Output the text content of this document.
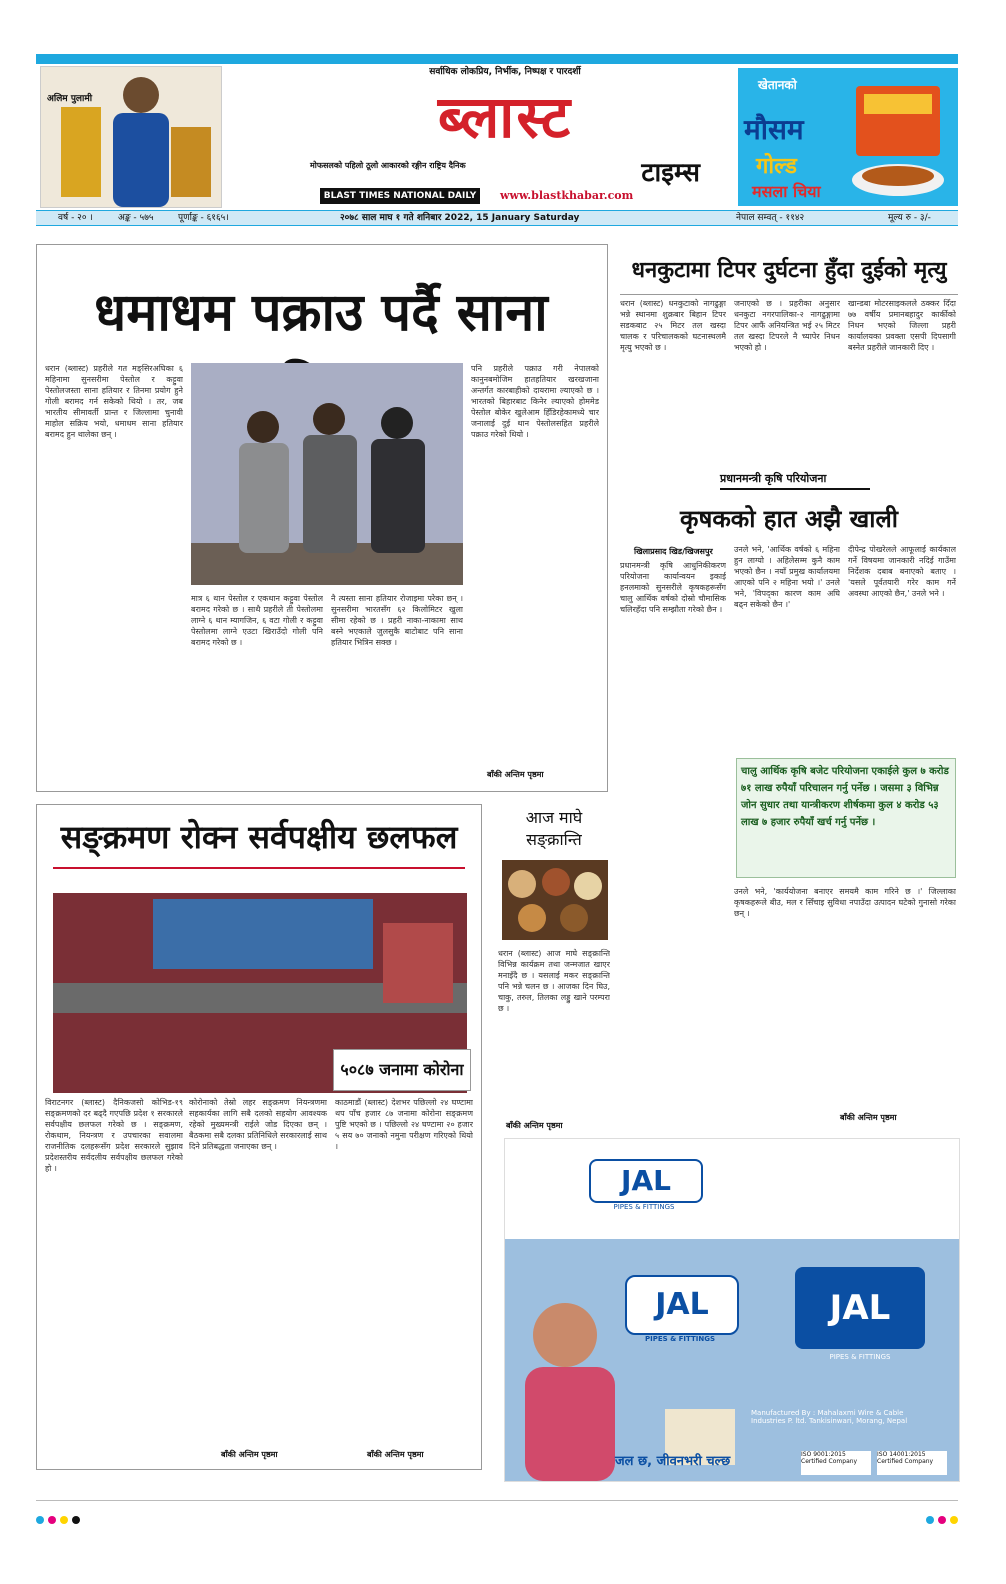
अलिम पुलामी
सर्वाधिक लोकप्रिय, निर्भीक, निष्पक्ष र पारदर्शी
ब्लास्ट
मोफसलको पहिलो ठूलो आकारको रङ्गीन राष्ट्रिय दैनिक	टाइम्स
BLAST TIMES NATIONAL DAILY	www.blastkhabar.com
खेतानको
मौसम
गोल्ड
मसला चिया
वर्ष - २० ।	अङ्क - ५७५	पूर्णाङ्क - ६१६५।	२०७८ साल माघ १ गते शनिबार 2022, 15 January Saturday	नेपाल सम्वत् - ११४२	मूल्य रु - ३/-
धमाधम पक्राउ पर्दै साना
धरान (ब्लास्ट) प्रहरीले गत मङ्सिरअघिका ६ महिनामा सुनसरीमा पेस्तोल र कट्टुवा पेस्तोलजस्ता साना हतियार र तिनमा प्रयोग हुने गोली बरामद गर्न सकेको थियो । तर, जब भारतीय सीमावर्ती प्रान्त र जिल्लामा चुनावी माहोल सक्रिय भयो, धमाधम साना हतियार बरामद हुन थालेका छन् ।
मात्र ६ थान पेस्तोल र एकथान कट्टुवा पेस्तोल बरामद गरेको छ । साथै प्रहरीले ती पेस्तोलमा लाग्ने ६ थान म्यागजिन, ६ वटा गोली र कट्टुवा पेस्तोलमा लाग्ने एउटा खिराउँदो गोली पनि बरामद गरेको छ ।
नै त्यस्ता साना हतियार रोजाइमा परेका छन् । सुनसरीमा भारतसँग ६२ किलोमिटर खुला सीमा रहेको छ । प्रहरी नाका-नाकामा साथ बस्ने भएकाले जुलसुकै बाटोबाट पनि साना हतियार भित्रिन सक्छ ।
पनि प्रहरीले पक्राउ गरी नेपालको कानुनबमोजिम हातहतियार खरखजाना अन्तर्गत कारबाहीको दायरामा ल्याएको छ । भारतको बिहारबाट किनेर ल्याएको होममेड पेस्तोल बोकेर खुलेआम हिँडिरहेकामध्ये चार जनालाई दुई थान पेस्तोलसहित प्रहरीले पक्राउ गरेको थियो ।
बाँकी अन्तिम पृष्ठमा
धनकुटामा टिपर दुर्घटना हुँदा दुईको मृत्यु
धरान (ब्लास्ट) धनकुटाको नागढुङ्गा भन्ने स्थानमा शुक्रबार बिहान टिपर सडकबाट २५ मिटर तल खस्दा चालक र परिचालकको घटनास्थलमै मृत्यु भएको छ ।
जनाएको छ । प्रहरीका अनुसार धनकुटा नगरपालिका-२ नागढुङ्गामा टिपर आफैं अनियन्त्रित भई २५ मिटर तल खस्दा टिपरले नै च्यापेर निधन भएको हो ।
खान्डबा मोटरसाइकलले ठक्कर दिँदा ७७ वर्षीय प्रमानबहादुर कार्कीको निधन भएको जिल्ला प्रहरी कार्यालयका प्रवक्ता एसपी दिपसागी बस्नेत प्रहरीले जानकारी दिए ।
प्रधानमन्त्री कृषि परियोजना
कृषकको हात अझै खाली
खिलाप्रसाद खिड/खिजसपुर
प्रधानमन्त्री कृषि आधुनिकीकरण परियोजना कार्यान्वयन इकाई हनलमाको सुनसरीले कृषकहरूसँग चालु आर्थिक वर्षको दोस्रो चौमासिक चलिरहँदा पनि सम्झौता गरेको छैन ।
उनले भने, 'आर्थिक वर्षको ६ महिना हुन लाग्यो । अहिलेसम्म कुनै काम भएको छैन । नयाँ प्रमुख कार्यालयमा आएको पनि २ महिना भयो ।' उनले भने, 'विपद्का कारण काम अघि बढ्न सकेको छैन ।'
दीपेन्द्र पोखरेलले आफूलाई कार्यकाल गर्ने विषयमा जानकारी नदिई गाउँमा निर्देशक दबाब बनाएको बताए । 'यसले पूर्वतयारी गरेर काम गर्ने अवस्था आएको छैन,' उनले भने ।
चालु आर्थिक कृषि बजेट परियोजना एकाईले कुल ७ करोड ७१ लाख रुपैयाँ परिचालन गर्नु पर्नेछ । जसमा ३ विभिन्न जोन सुधार तथा यान्त्रीकरण शीर्षकमा कुल ४ करोड ५३ लाख ७ हजार रुपैयाँ खर्च गर्नु पर्नेछ ।
उनले भने, 'कार्ययोजना बनाएर समयमै काम गरिने छ ।' जिल्लाका कृषकहरूले बीउ, मल र सिँचाइ सुविधा नपाउँदा उत्पादन घटेको गुनासो गरेका छन् ।
बाँकी अन्तिम पृष्ठमा
सङ्क्रमण रोक्न सर्वपक्षीय छलफल
५०८७ जनामा कोरोना
विराटनगर (ब्लास्ट) दैनिकजसो कोभिड-१९ सङ्क्रमणको दर बढ्दै गएपछि प्रदेश १ सरकारले सर्वपक्षीय छलफल गरेको छ । सङ्क्रमण, रोकथाम, नियन्त्रण र उपचारका सवालमा राजनीतिक दलहरूसँग प्रदेश सरकारले सुझाव प्रदेशस्तरीय सर्वदलीय सर्वपक्षीय छलफल गरेको हो ।
कोरोनाको तेस्रो लहर सङ्क्रमण नियन्त्रणमा सहकार्यका लागि सबै दलको सहयोग आवश्यक रहेको मुख्यमन्त्री राईले जोड दिएका छन् । बैठकमा सबै दलका प्रतिनिधिले सरकारलाई साथ दिने प्रतिबद्धता जनाएका छन् ।
काठमाडौं (ब्लास्ट) देशभर पछिल्लो २४ घण्टामा थप पाँच हजार ८७ जनामा कोरोना सङ्क्रमण पुष्टि भएको छ । पछिल्लो २४ घण्टामा २० हजार ५ सय ७० जनाको नमुना परीक्षण गरिएको थियो ।
बाँकी अन्तिम पृष्ठमा	बाँकी अन्तिम पृष्ठमा
आज माघे
सङ्क्रान्ति
धरान (ब्लास्ट) आज माघे सङ्क्रान्ति विभिन्न कार्यक्रम तथा जन्मजात खाएर मनाइँदै छ । यसलाई मकर सङ्क्रान्ति पनि भन्ने चलन छ । आजका दिन घिउ, चाकु, तरुल, तिलका लड्डु खाने परम्परा छ ।
बाँकी अन्तिम पृष्ठमा
JAL
PIPES & FITTINGS
JAL
PIPES & FITTINGS
JAL
PIPES & FITTINGS
Manufactured By : Mahalaxmi Wire & Cable Industries P. ltd. Tankisinwari, Morang, Nepal
जल छ, जीवनभरी चल्छ	ISO 9001:2015 Certified Company
ISO 14001:2015 Certified Company
